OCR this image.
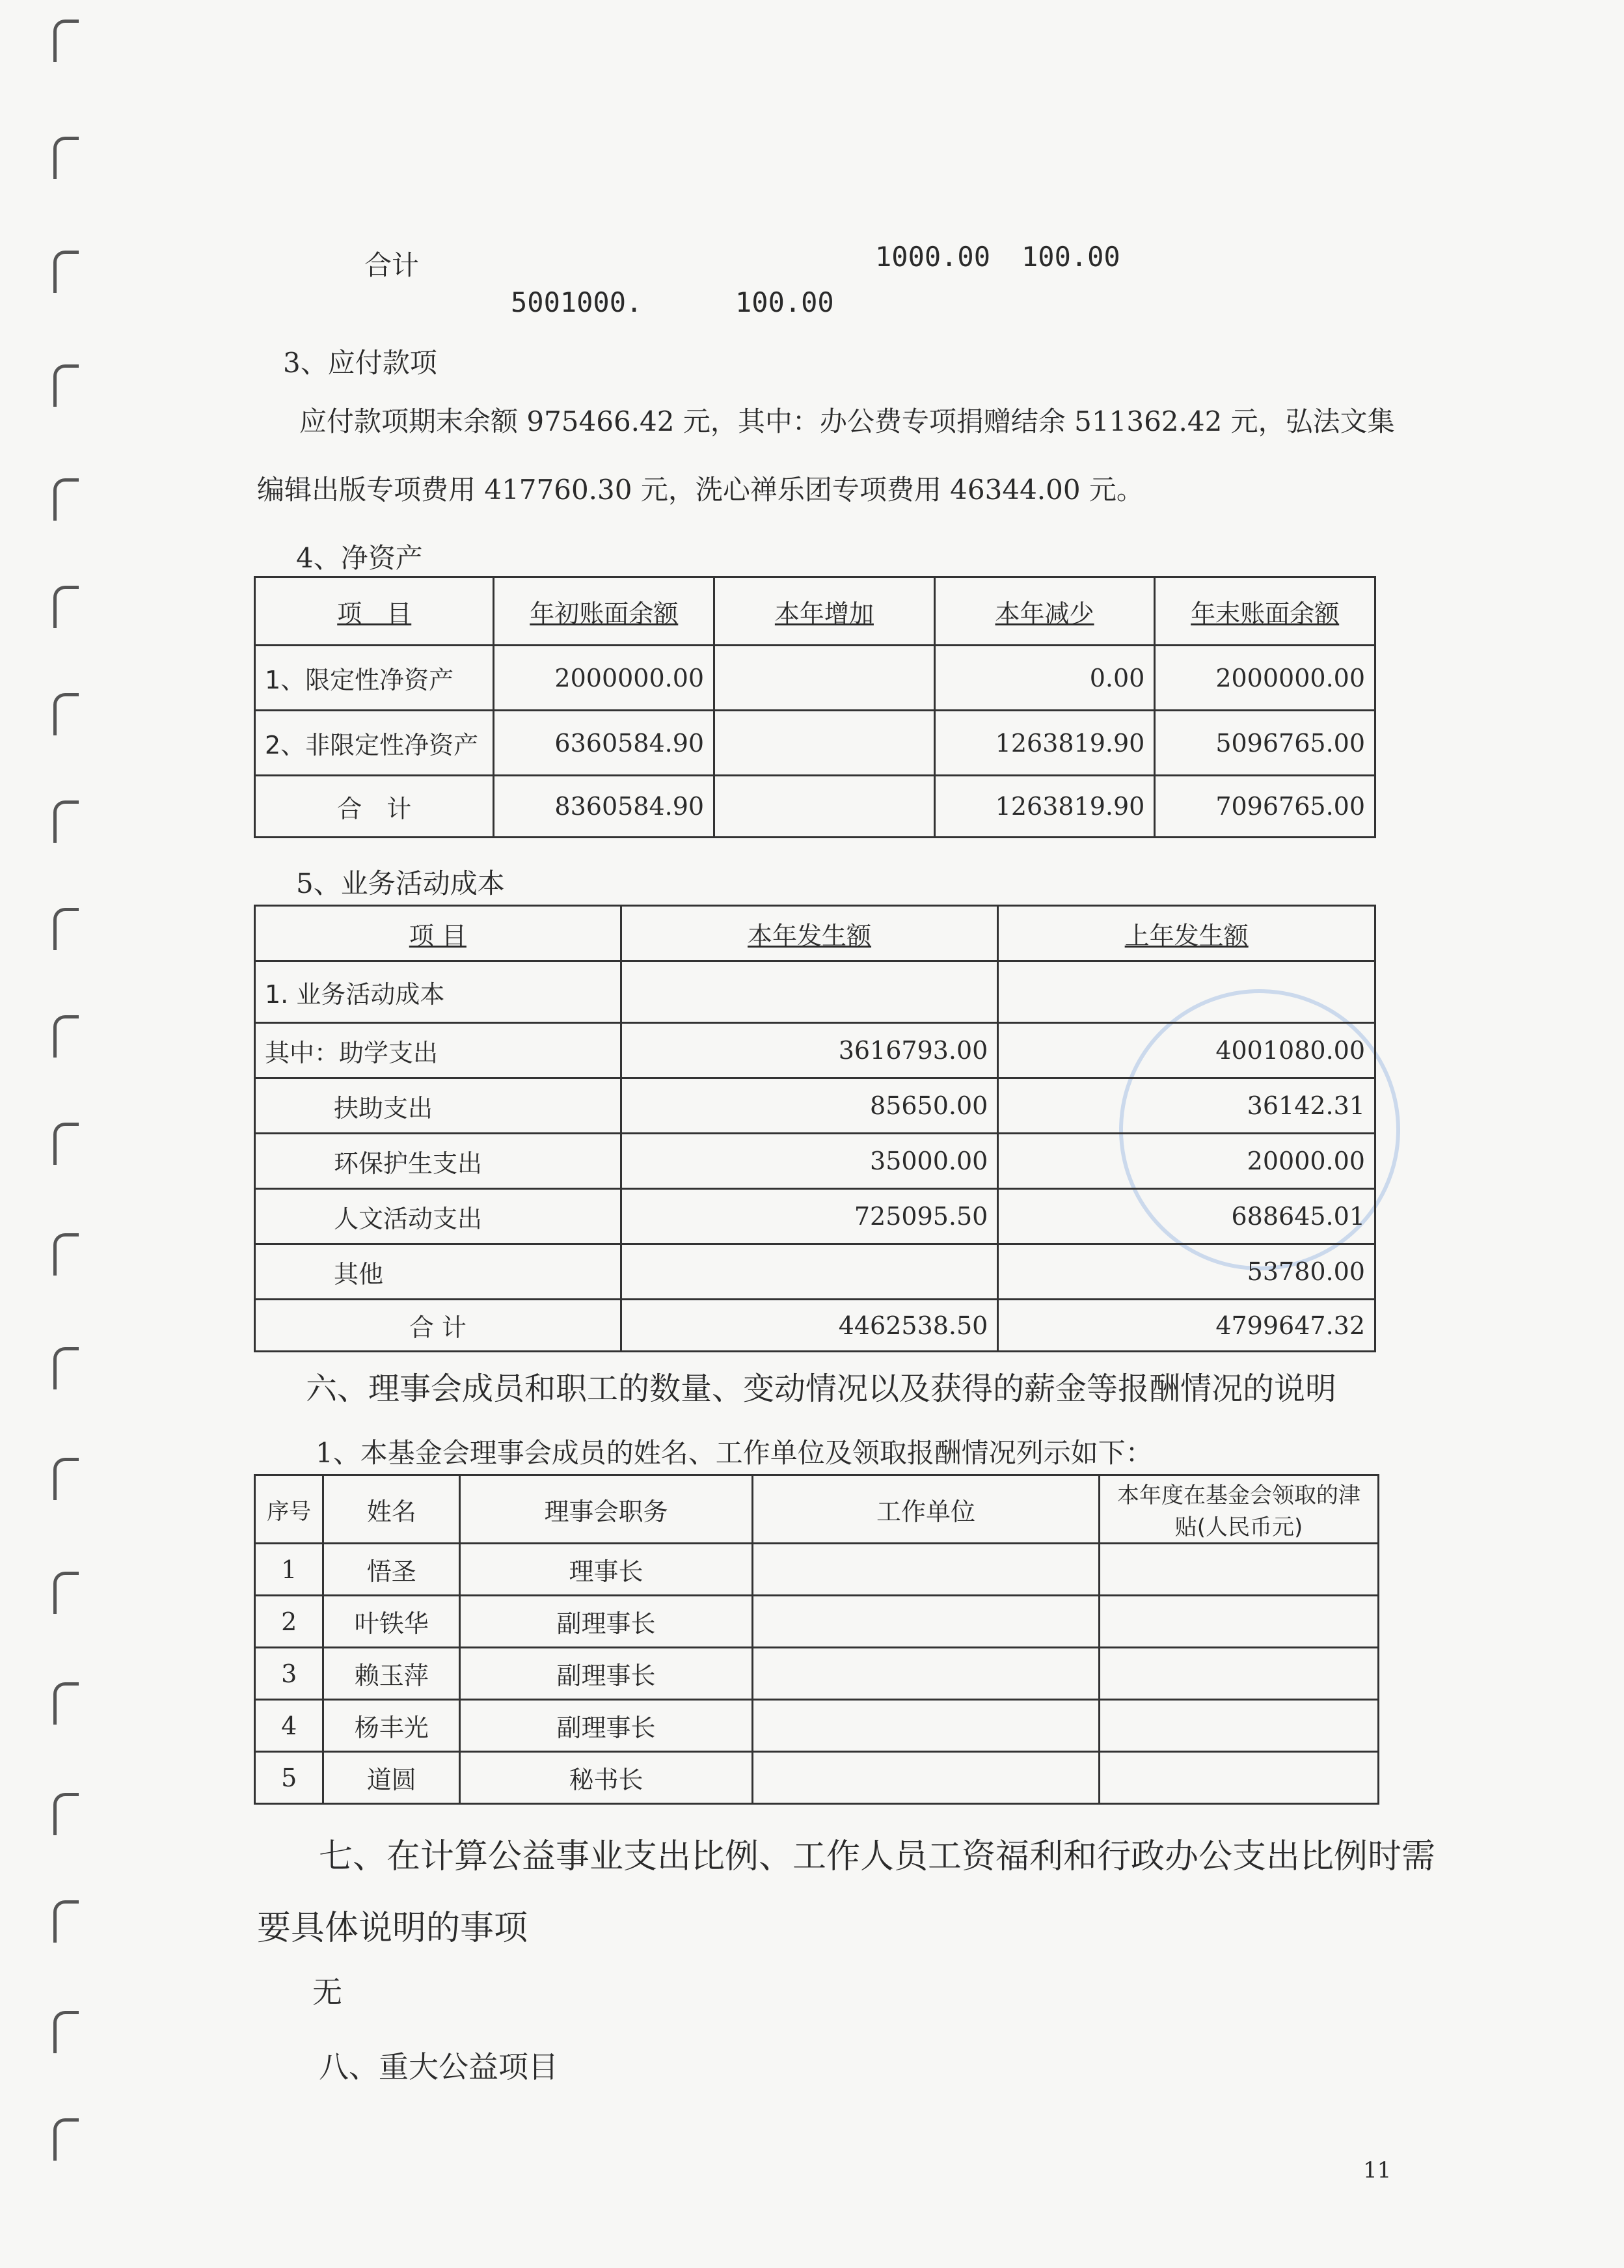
合计	1000.00 100.00
5001000.	100.00
3、应付款项
应付款项期末余额 975466.42 元，其中：办公费专项捐赠结余 511362.42 元，弘法文集
编辑出版专项费用 417760.30 元，洗心禅乐团专项费用 46344.00 元。
4、净资产
项　目	年初账面余额	本年增加	本年减少	年末账面余额
1、限定性净资产	2000000.00		0.00	2000000.00
2、非限定性净资产	6360584.90		1263819.90	5096765.00
合　计	8360584.90		1263819.90	7096765.00
5、业务活动成本
项 目	本年发生额	上年发生额
1. 业务活动成本		
其中：助学支出	3616793.00	4001080.00
扶助支出	85650.00	36142.31
环保护生支出	35000.00	20000.00
人文活动支出	725095.50	688645.01
其他		53780.00
合 计	4462538.50	4799647.32
六、理事会成员和职工的数量、变动情况以及获得的薪金等报酬情况的说明
1、本基金会理事会成员的姓名、工作单位及领取报酬情况列示如下：
序号	姓名	理事会职务	工作单位	本年度在基金会领取的津贴(人民币元)
1	悟圣	理事长		
2	叶铁华	副理事长		
3	赖玉萍	副理事长		
4	杨丰光	副理事长		
5	道圆	秘书长		
七、在计算公益事业支出比例、工作人员工资福利和行政办公支出比例时需
要具体说明的事项
无
八、重大公益项目
11
